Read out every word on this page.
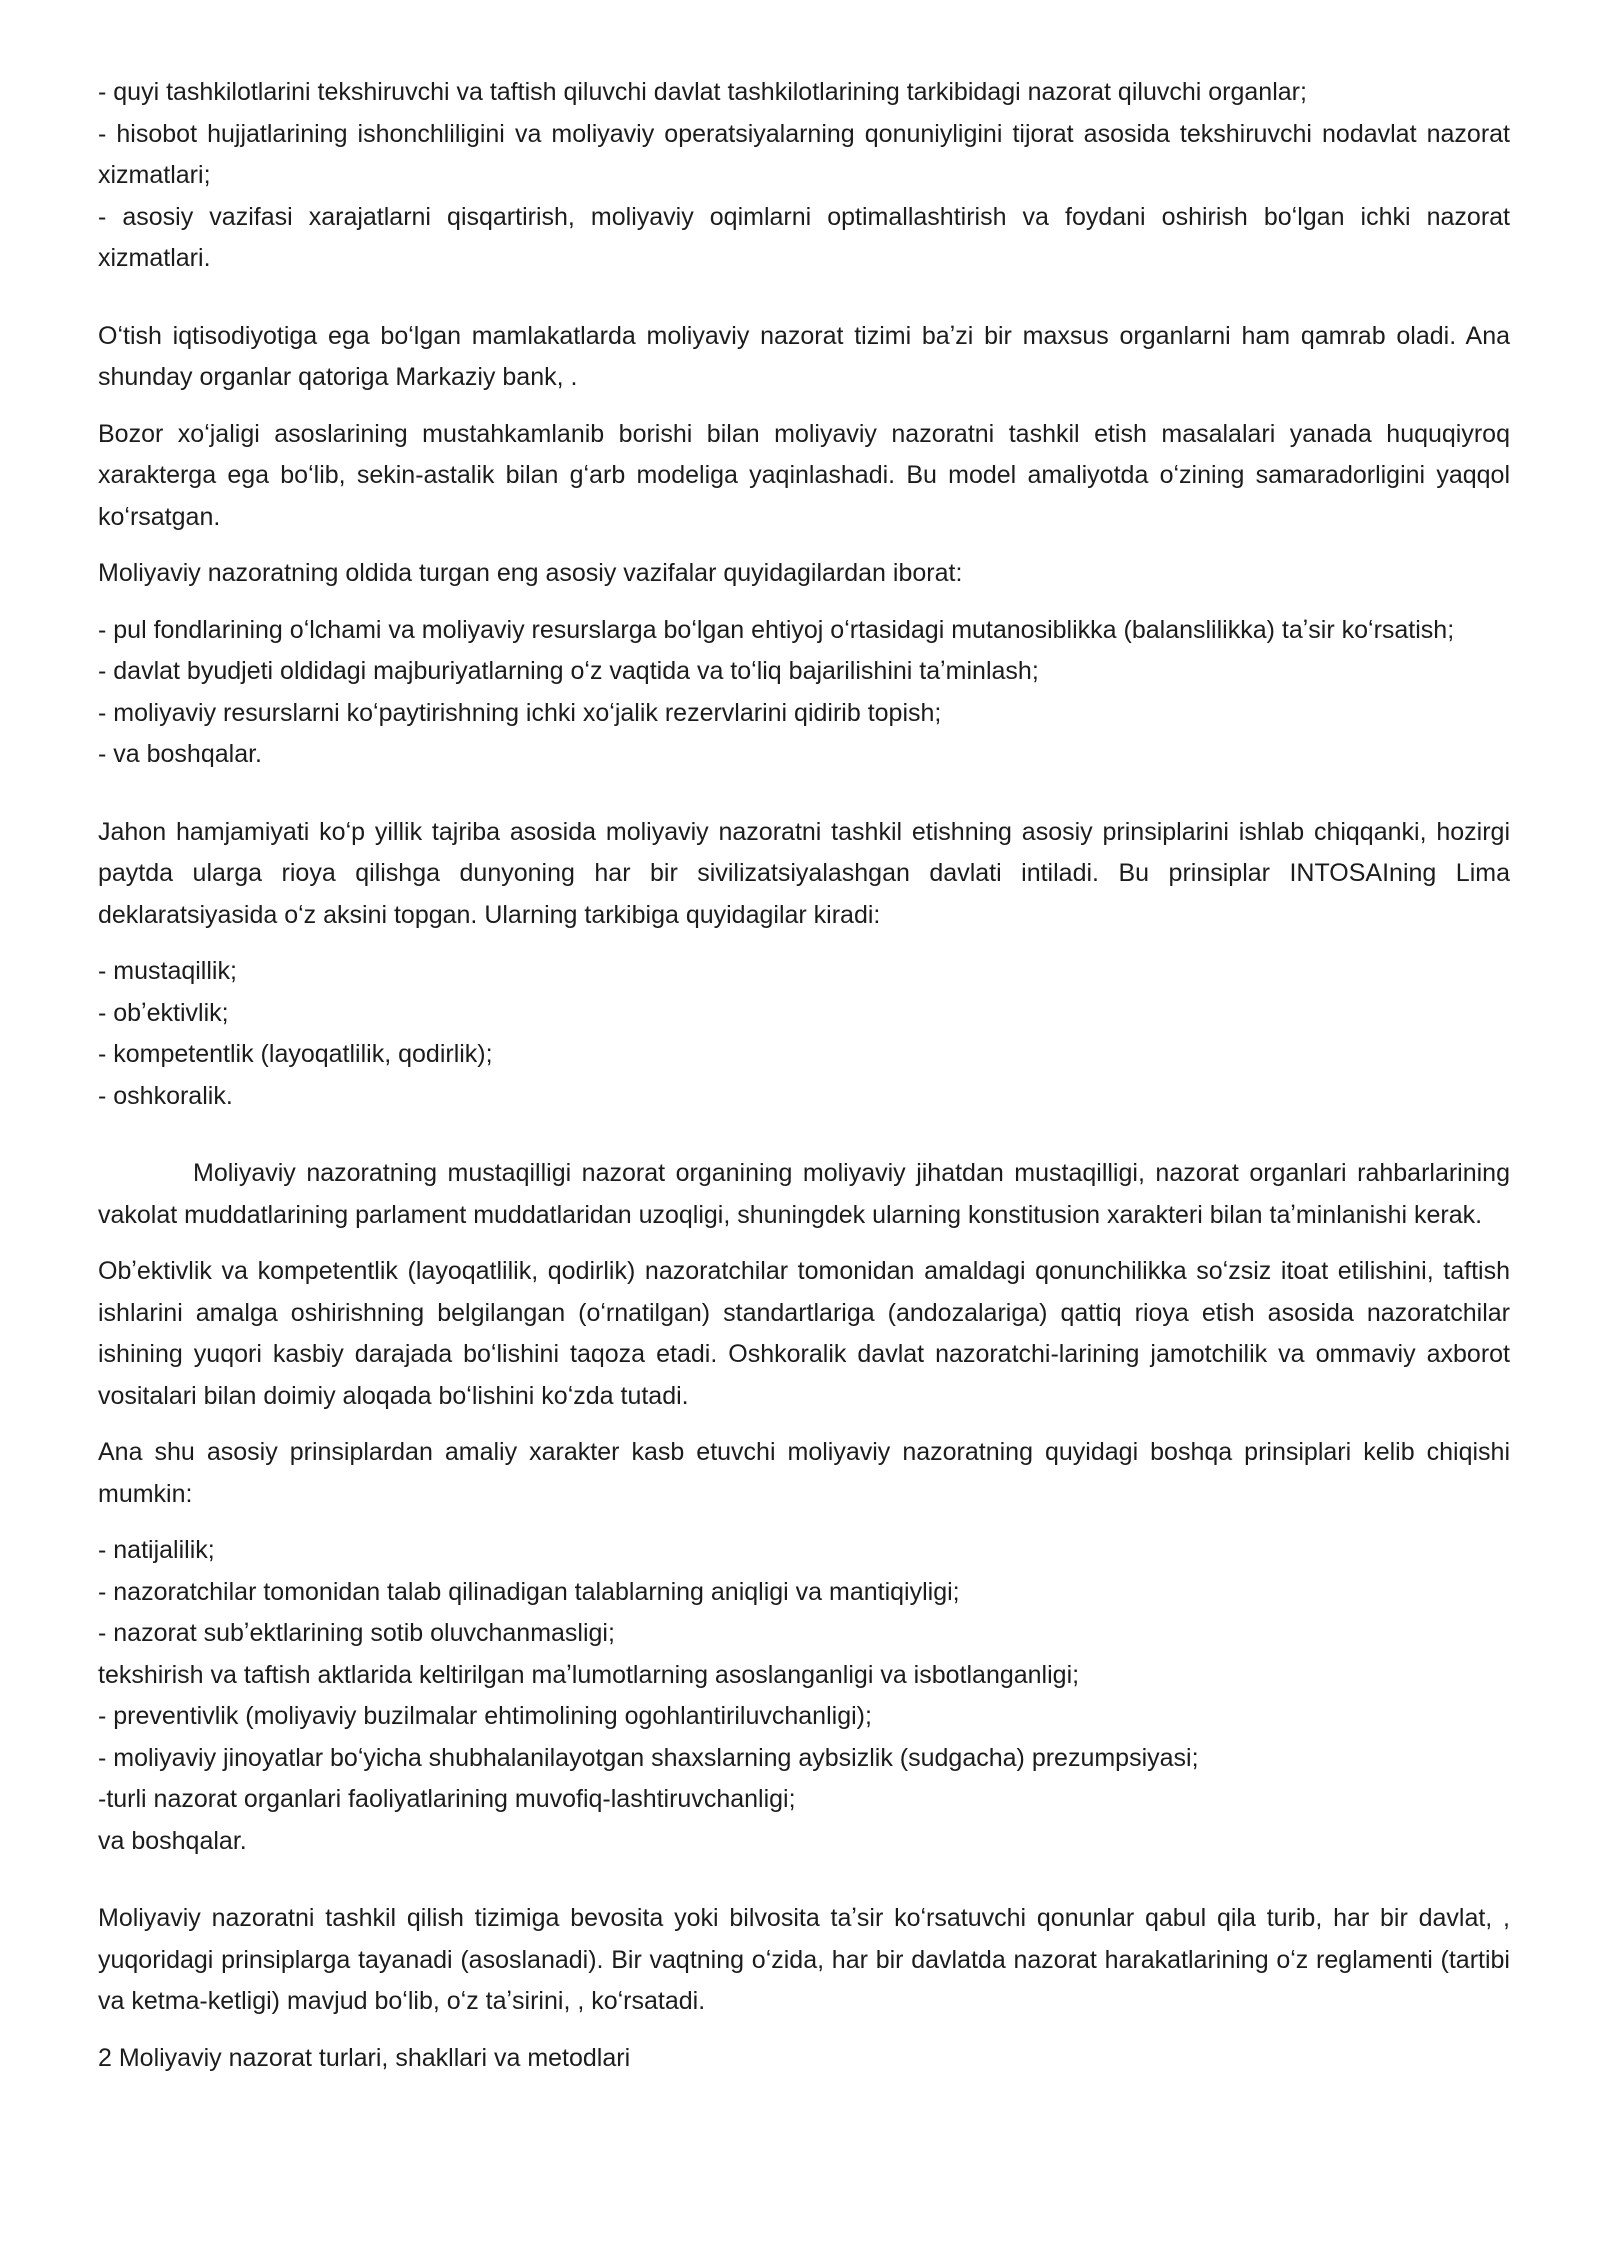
- quyi tashkilotlarini tekshiruvchi va taftish qiluvchi davlat tashkilotlarining tarkibidagi nazorat qiluvchi organlar;
- hisobot hujjatlarining ishonchliligini va moliyaviy operatsiyalarning qonuniyligini tijorat asosida tekshiruvchi nodavlat nazorat xizmatlari;
- asosiy vazifasi xarajatlarni qisqartirish, moliyaviy oqimlarni optimallashtirish va foydani oshirish boʻlgan ichki nazorat xizmatlari.

Oʻtish iqtisodiyotiga ega boʻlgan mamlakatlarda moliyaviy nazorat tizimi baʼzi bir maxsus organlarni ham qamrab oladi. Ana shunday organlar qatoriga Markaziy bank, .

Bozor xoʻjaligi asoslarining mustahkamlanib borishi bilan moliyaviy nazoratni tashkil etish masalalari yanada huquqiyroq xarakterga ega boʻlib, sekin-astalik bilan gʻarb modeliga yaqinlashadi. Bu model amaliyotda oʻzining samaradorligini yaqqol koʻrsatgan.

Moliyaviy nazoratning oldida turgan eng asosiy vazifalar quyidagilardan iborat:

- pul fondlarining oʻlchami va moliyaviy resurslarga boʻlgan ehtiyoj oʻrtasidagi mutanosiblikka (balanslilikka) taʼsir koʻrsatish;
- davlat byudjeti oldidagi majburiyatlarning oʻz vaqtida va toʻliq bajarilishini taʼminlash;
- moliyaviy resurslarni koʻpaytirishning ichki xoʻjalik rezervlarini qidirib topish;
- va boshqalar.

Jahon hamjamiyati koʻp yillik tajriba asosida moliyaviy nazoratni tashkil etishning asosiy prinsiplarini ishlab chiqqanki, hozirgi paytda ularga rioya qilishga dunyoning har bir sivilizatsiyalashgan davlati intiladi. Bu prinsiplar INTOSAIning Lima deklaratsiyasida oʻz aksini topgan. Ularning tarkibiga quyidagilar kiradi:

- mustaqillik;
- obʼektivlik;
- kompetentlik (layoqatlilik, qodirlik);
- oshkoralik.

Moliyaviy nazoratning mustaqilligi nazorat organining moliyaviy jihatdan mustaqilligi, nazorat organlari rahbarlarining vakolat muddatlarining parlament muddatlaridan uzoqligi, shuningdek ularning konstitusion xarakteri bilan taʼminlanishi kerak.

Obʼektivlik va kompetentlik (layoqatlilik, qodirlik) nazoratchilar tomonidan amaldagi qonunchilikka soʻzsiz itoat etilishini, taftish ishlarini amalga oshirishning belgilangan (oʻrnatilgan) standartlariga (andozalariga) qattiq rioya etish asosida nazoratchilar ishining yuqori kasbiy darajada boʻlishini taqoza etadi. Oshkoralik davlat nazoratchi-larining jamotchilik va ommaviy axborot vositalari bilan doimiy aloqada boʻlishini koʻzda tutadi.

Ana shu asosiy prinsiplardan amaliy xarakter kasb etuvchi moliyaviy nazoratning quyidagi boshqa prinsiplari kelib chiqishi mumkin:

- natijalilik;
- nazoratchilar tomonidan talab qilinadigan talablarning aniqligi va mantiqiyligi;
- nazorat subʼektlarining sotib oluvchanmasligi;
tekshirish va taftish aktlarida keltirilgan maʼlumotlarning asoslanganligi va isbotlanganligi;
- preventivlik (moliyaviy buzilmalar ehtimolining ogohlantiriluvchanligi);
- moliyaviy jinoyatlar boʻyicha shubhalanilayotgan shaxslarning aybsizlik (sudgacha) prezumpsiyasi;
-turli nazorat organlari faoliyatlarining muvofiq-lashtiruvchanligi;
va boshqalar.

Moliyaviy nazoratni tashkil qilish tizimiga bevosita yoki bilvosita taʼsir koʻrsatuvchi qonunlar qabul qila turib, har bir davlat, , yuqoridagi prinsiplarga tayanadi (asoslanadi). Bir vaqtning oʻzida, har bir davlatda nazorat harakatlarining oʻz reglamenti (tartibi va ketma-ketligi) mavjud boʻlib, oʻz taʼsirini, , koʻrsatadi.

2 Moliyaviy nazorat turlari, shakllari va metodlari
